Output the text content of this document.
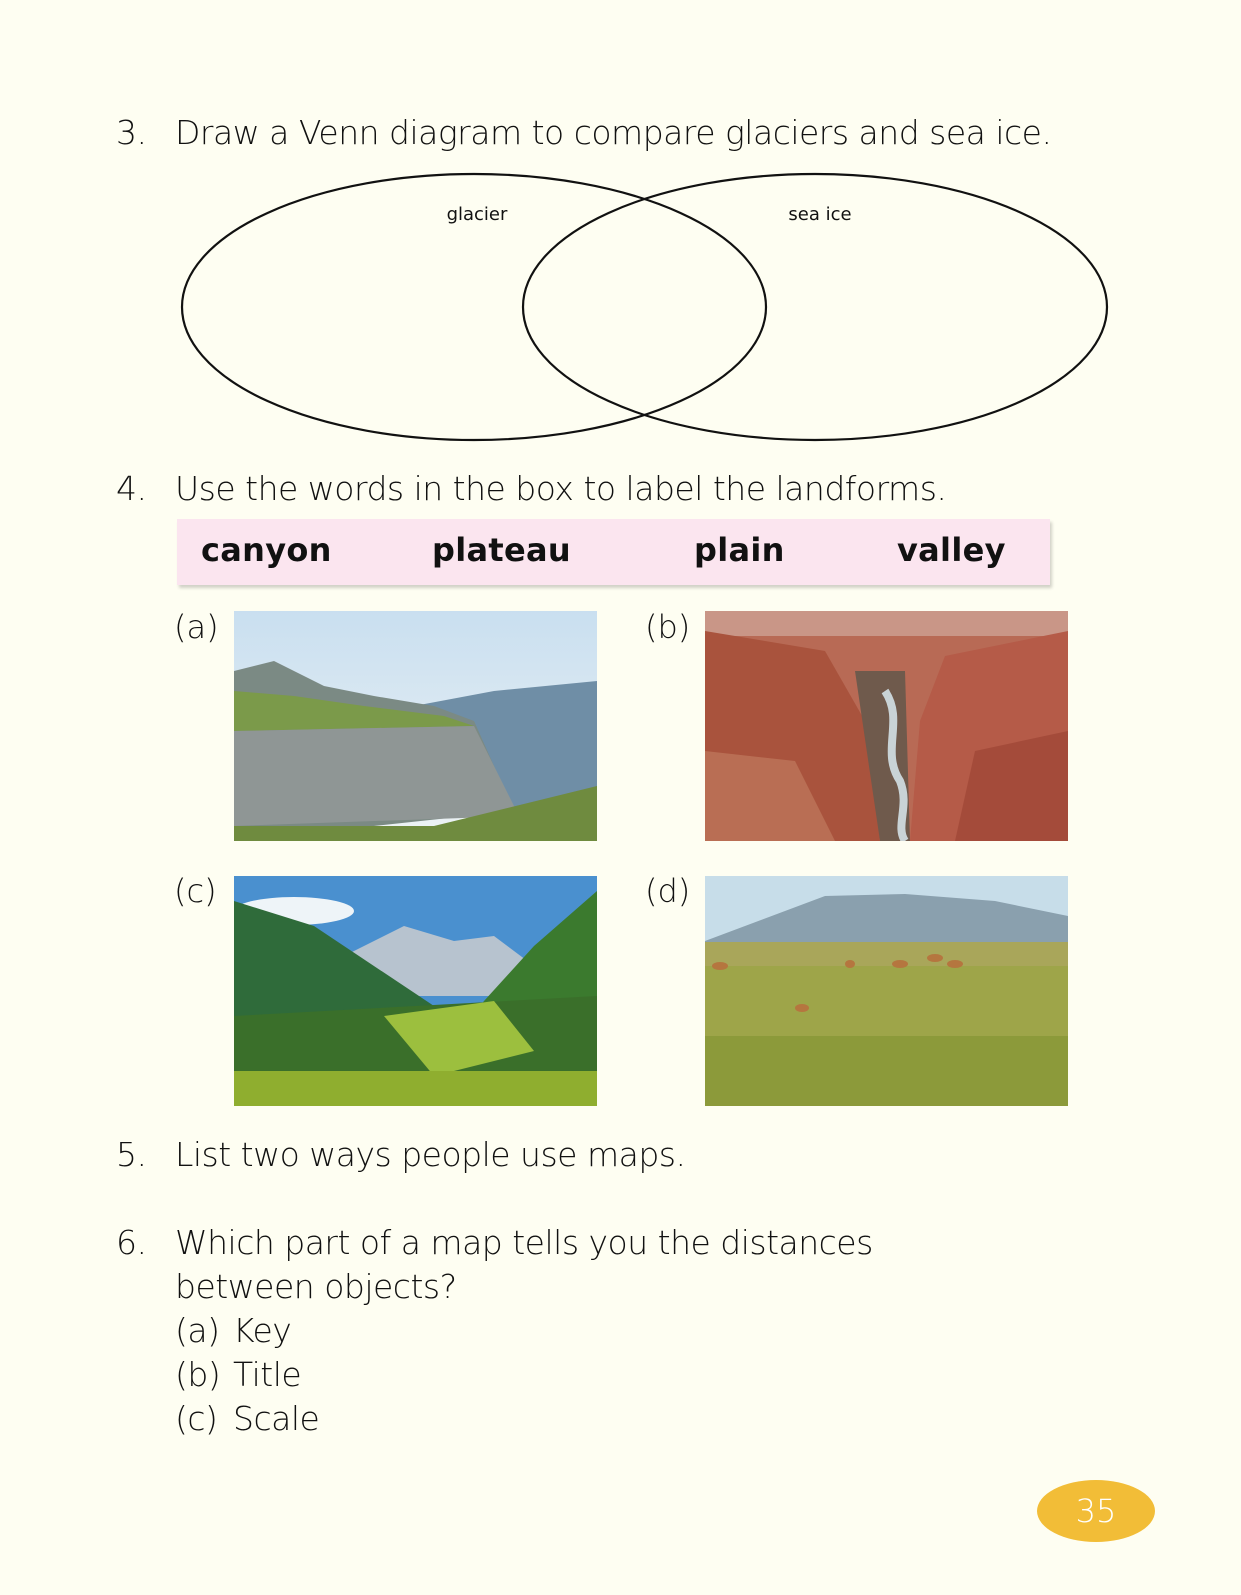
3. Draw a Venn diagram to compare glaciers and sea ice.
glacier	sea ice
4. Use the words in the box to label the landforms.
canyon	plateau	plain	valley
(a)	(b)
(c)	(d)
5. List two ways people use maps.
6. Which part of a map tells you the distances
between objects?
(a) Key
(b) Title
(c) Scale
35
